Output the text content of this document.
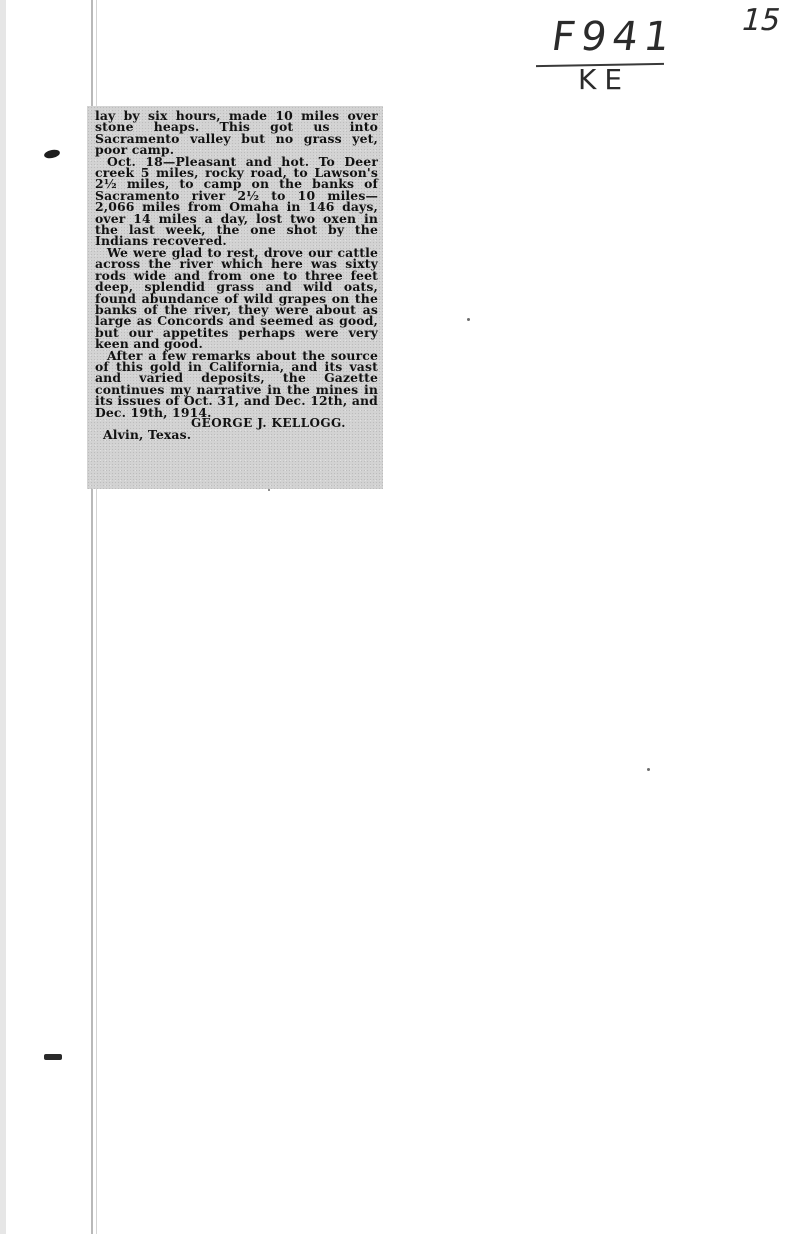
F941
KE
15

lay by six hours, made 10 miles over stone heaps. This got us into Sacramento valley but no grass yet, poor camp.

Oct. 18—Pleasant and hot. To Deer creek 5 miles, rocky road, to Lawson's 2½ miles, to camp on the banks of Sacramento river 2½ to 10 miles—2,066 miles from Omaha in 146 days, over 14 miles a day, lost two oxen in the last week, the one shot by the Indians recovered.

We were glad to rest, drove our cattle across the river which here was sixty rods wide and from one to three feet deep, splendid grass and wild oats, found abundance of wild grapes on the banks of the river, they were about as large as Concords and seemed as good, but our appetites perhaps were very keen and good.

After a few remarks about the source of this gold in California, and its vast and varied deposits, the Gazette continues my narrative in the mines in its issues of Oct. 31, and Dec. 12th, and Dec. 19th, 1914.

GEORGE J. KELLOGG.

Alvin, Texas.
